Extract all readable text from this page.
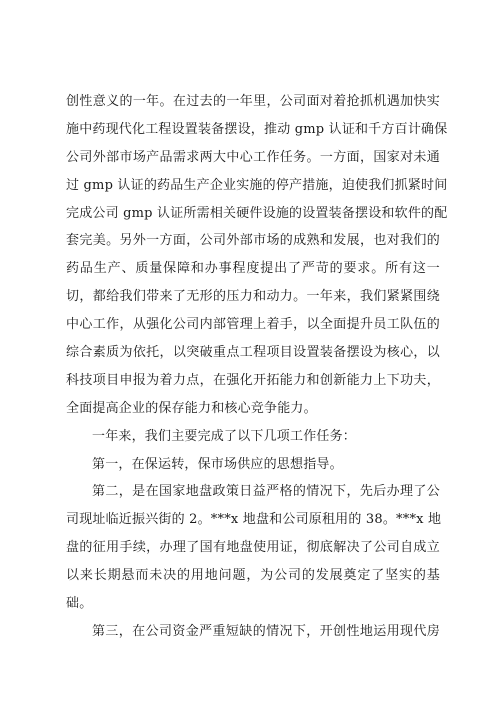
创性意义的一年。在过去的一年里，公司面对着抢抓机遇加快实
施中药现代化工程设置装备摆设，推动 gmp 认证和千方百计确保
公司外部市场产品需求两大中心工作任务。一方面，国家对未通
过 gmp 认证的药品生产企业实施的停产措施，迫使我们抓紧时间
完成公司 gmp 认证所需相关硬件设施的设置装备摆设和软件的配
套完美。另外一方面，公司外部市场的成熟和发展，也对我们的
药品生产、质量保障和办事程度提出了严苛的要求。所有这一
切，都给我们带来了无形的压力和动力。一年来，我们紧紧围绕
中心工作，从强化公司内部管理上着手，以全面提升员工队伍的
综合素质为依托，以突破重点工程项目设置装备摆设为核心，以
科技项目申报为着力点，在强化开拓能力和创新能力上下功夫，
全面提高企业的保存能力和核心竞争能力。
一年来，我们主要完成了以下几项工作任务：
第一，在保运转，保市场供应的思想指导。
第二，是在国家地盘政策日益严格的情况下，先后办理了公
司现址临近振兴街的 2。***x 地盘和公司原租用的 38。***x 地
盘的征用手续，办理了国有地盘使用证，彻底解决了公司自成立
以来长期悬而未决的用地问题，为公司的发展奠定了坚实的基
础。
第三，在公司资金严重短缺的情况下，开创性地运用现代房
